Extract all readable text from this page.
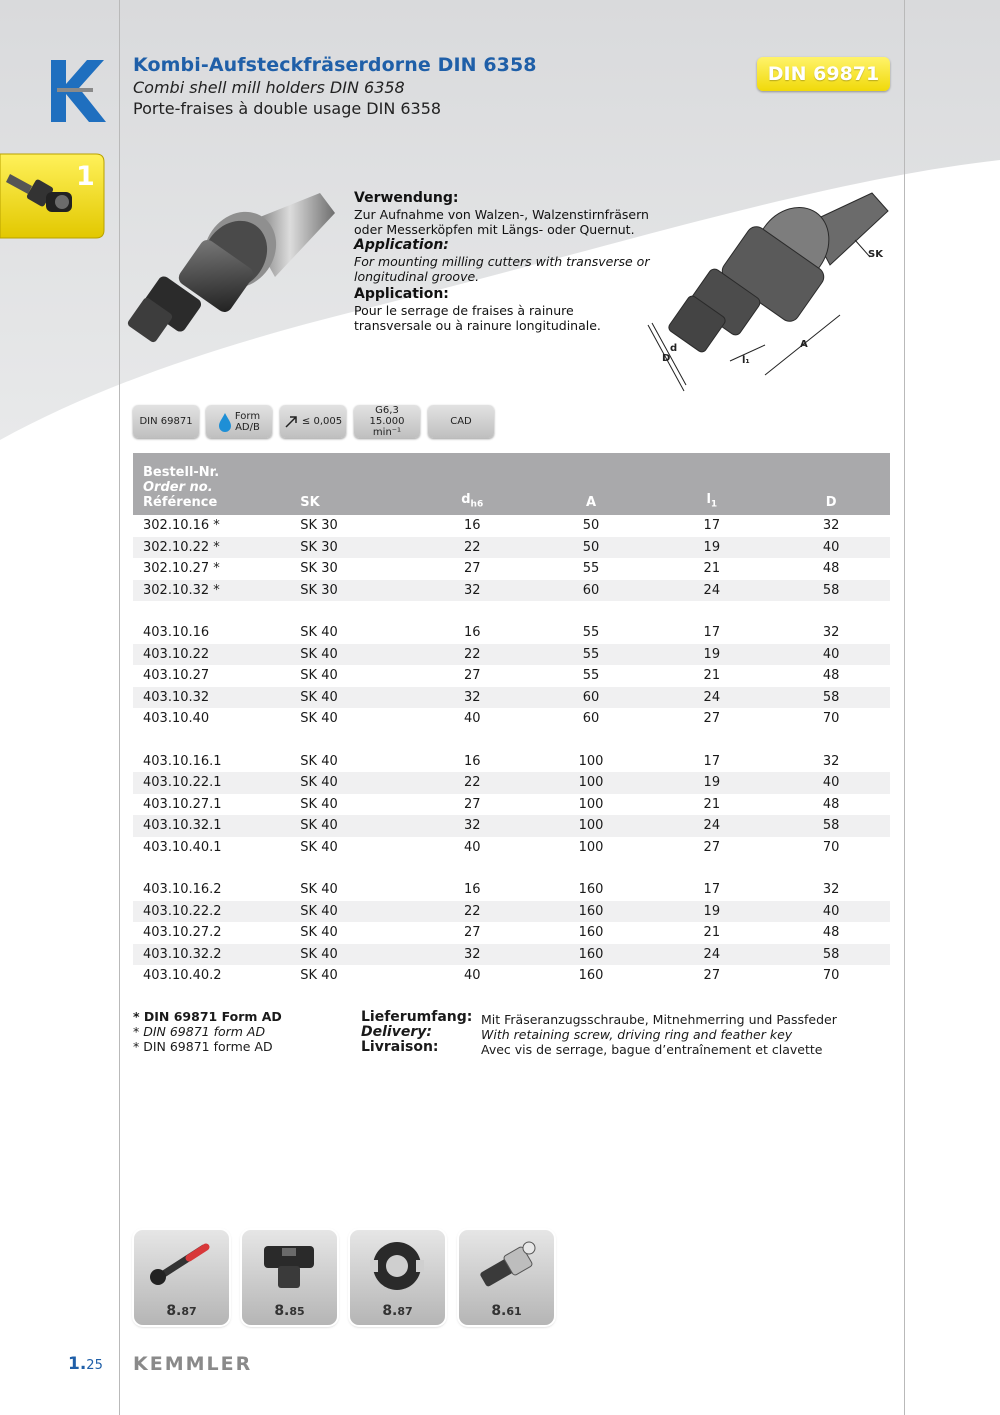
1
Kombi-Aufsteckfräserdorne DIN 6358
Combi shell mill holders DIN 6358
Porte-fraises à double usage DIN 6358
DIN 69871
Verwendung:
Zur Aufnahme von Walzen-, Walzenstirnfräsern oder Messerköpfen mit Längs- oder Quernut.
Application:
For mounting milling cutters with transverse or longitudinal groove.
Application:
Pour le serrage de fraises à rainure transversale ou à rainure longitudinale.
SK
A
l₁
d
D
DIN 69871	Form
AD/B	≤ 0,005
G6,3
15.000 min⁻¹
CAD
Bestell-Nr.
Order no.
Référence	SK	$d_{h6}$	A	$l_1$	D
302.10.16 *	SK 30	16	50	17	32
302.10.22 *	SK 30	22	50	19	40
302.10.27 *	SK 30	27	55	21	48
302.10.32 *	SK 30	32	60	24	58

403.10.16	SK 40	16	55	17	32
403.10.22	SK 40	22	55	19	40
403.10.27	SK 40	27	55	21	48
403.10.32	SK 40	32	60	24	58
403.10.40	SK 40	40	60	27	70

403.10.16.1	SK 40	16	100	17	32
403.10.22.1	SK 40	22	100	19	40
403.10.27.1	SK 40	27	100	21	48
403.10.32.1	SK 40	32	100	24	58
403.10.40.1	SK 40	40	100	27	70

403.10.16.2	SK 40	16	160	17	32
403.10.22.2	SK 40	22	160	19	40
403.10.27.2	SK 40	27	160	21	48
403.10.32.2	SK 40	32	160	24	58
403.10.40.2	SK 40	40	160	27	70
* DIN 69871 Form AD
* DIN 69871 form AD
* DIN 69871 forme AD
Lieferumfang:
Delivery:
Livraison:
Mit Fräseranzugsschraube, Mitnehmerring und Passfeder
With retaining screw, driving ring and feather key
Avec vis de serrage, bague d’entraînement et clavette
8.87	8.85	8.87	8.61
1.25 KEMMLER
